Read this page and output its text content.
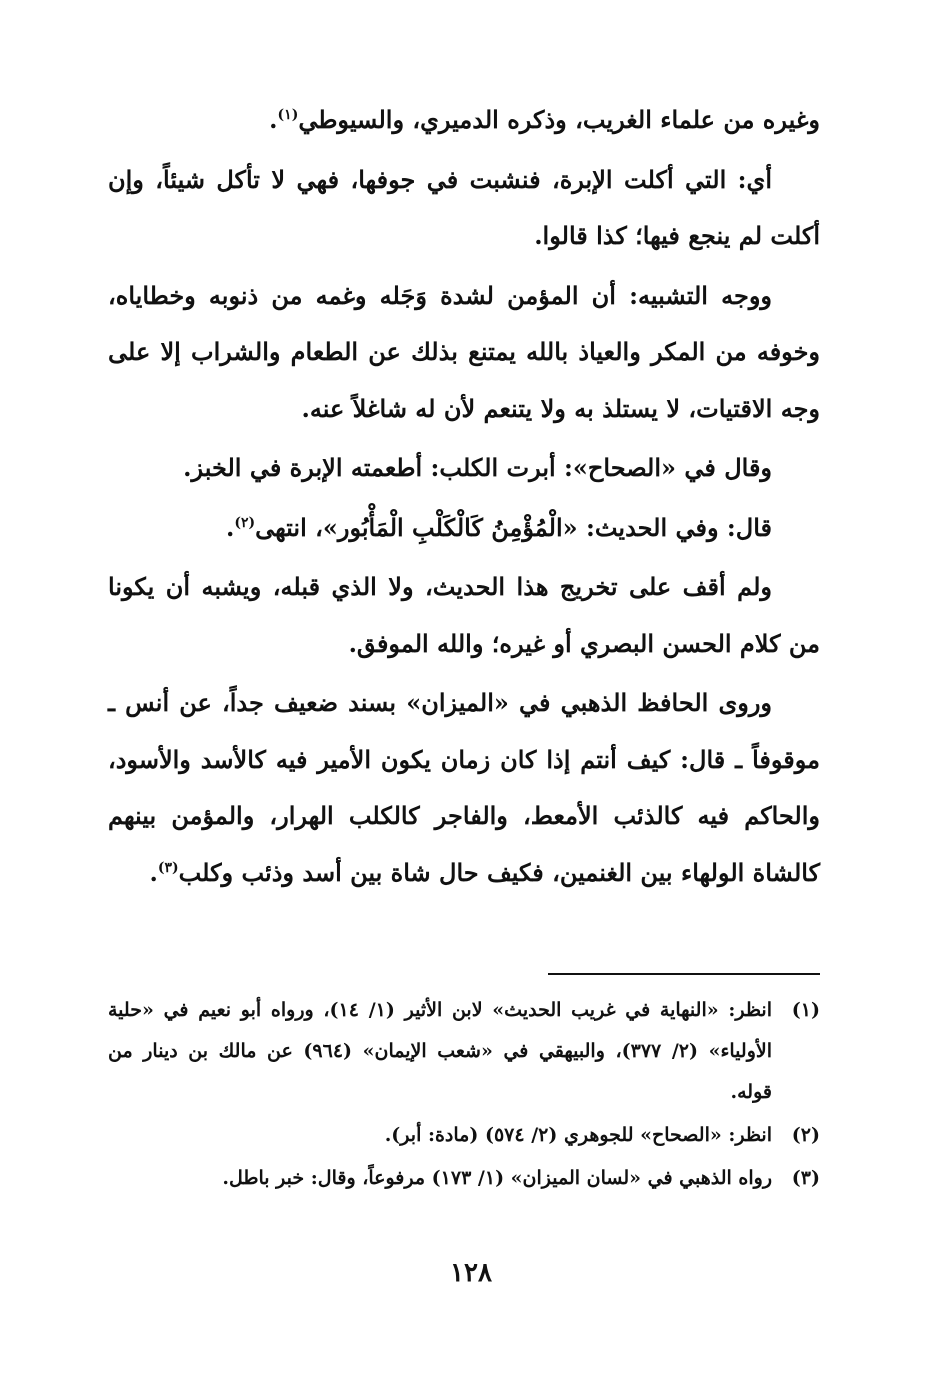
وغيره من علماء الغريب، وذكره الدميري، والسيوطي$^{(١)}$.

أي: التي أكلت الإبرة، فنشبت في جوفها، فهي لا تأكل شيئاً، وإن أكلت لم ينجع فيها؛ كذا قالوا.

ووجه التشبيه: أن المؤمن لشدة وَجَله وغمه من ذنوبه وخطاياه، وخوفه من المكر والعياذ بالله يمتنع بذلك عن الطعام والشراب إلا على وجه الاقتيات، لا يستلذ به ولا يتنعم لأن له شاغلاً عنه.

وقال في «الصحاح»: أبرت الكلب: أطعمته الإبرة في الخبز.

قال: وفي الحديث: «الْمُؤْمِنُ كَالْكَلْبِ الْمَأْبُور»، انتهى$^{(٢)}$.

ولم أقف على تخريج هذا الحديث، ولا الذي قبله، ويشبه أن يكونا من كلام الحسن البصري أو غيره؛ والله الموفق.

وروى الحافظ الذهبي في «الميزان» بسند ضعيف جداً، عن أنس ـ موقوفاً ـ قال: كيف أنتم إذا كان زمان يكون الأمير فيه كالأسد والأسود، والحاكم فيه كالذئب الأمعط، والفاجر كالكلب الهرار، والمؤمن بينهم كالشاة الولهاء بين الغنمين، فكيف حال شاة بين أسد وذئب وكلب$^{(٣)}$.

(١)
انظر: «النهاية في غريب الحديث» لابن الأثير (١/ ١٤)، ورواه أبو نعيم في «حلية الأولياء» (٢/ ٣٧٧)، والبيهقي في «شعب الإيمان» (٩٦٤) عن مالك بن دينار من قوله.
(٢)
انظر: «الصحاح» للجوهري (٢/ ٥٧٤) (مادة: أبر).
(٣)
رواه الذهبي في «لسان الميزان» (١/ ١٧٣) مرفوعاً، وقال: خبر باطل.
١٢٨
